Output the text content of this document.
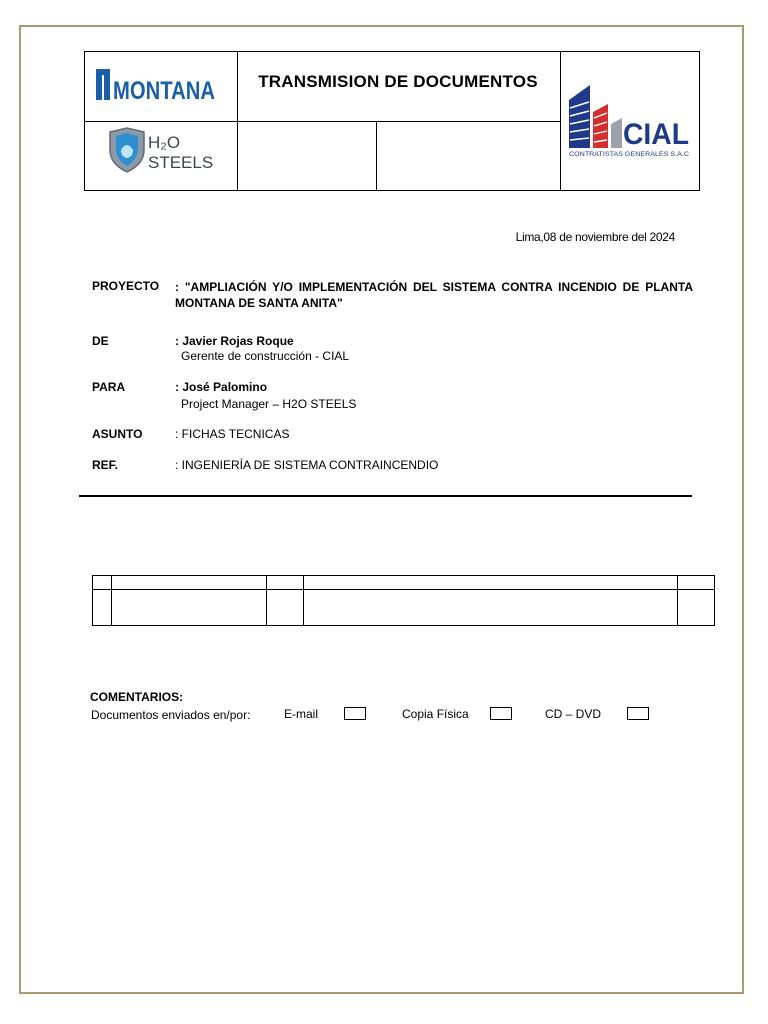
TRANSMISION DE DOCUMENTOS
MONTANA
H₂O
STEELS
CIAL
CONTRATISTAS GENERALES S.A.C
Lima,08 de noviembre del 2024
PROYECTO : "AMPLIACIÓN Y/O IMPLEMENTACIÓN DEL SISTEMA CONTRA INCENDIO DE PLANTA MONTANA DE SANTA ANITA"
DE	: Javier Rojas Roque
Gerente de construcción - CIAL
PARA	: José Palomino
Project Manager – H2O STEELS
ASUNTO	: FICHAS TECNICAS
REF.	: INGENIERÍA DE SISTEMA CONTRAINCENDIO
COMENTARIOS:
Documentos enviados en/por:	E-mail	Copia Física	CD – DVD
